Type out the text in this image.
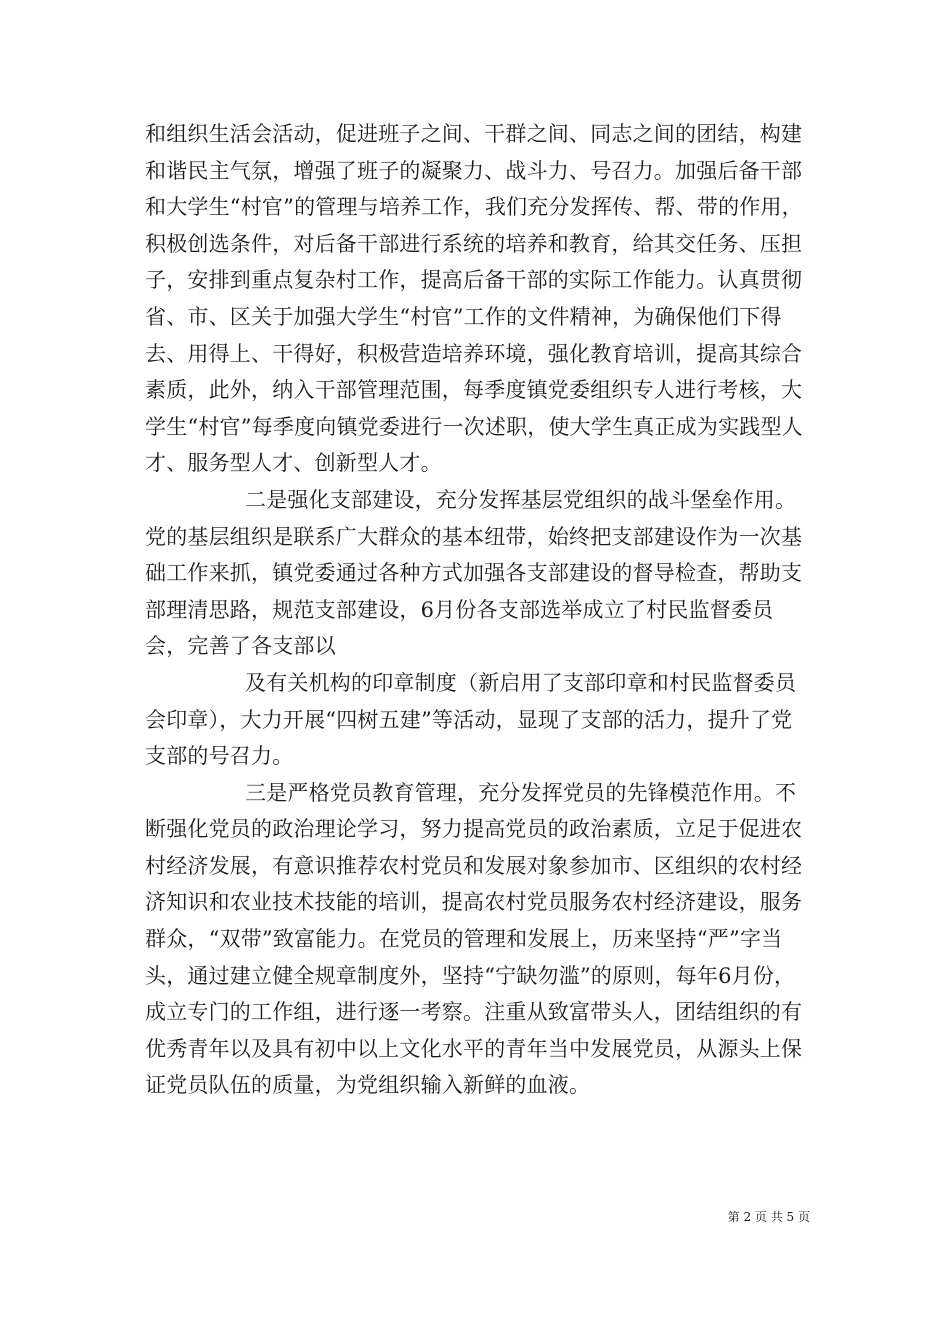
和组织生活会活动，促进班子之间、干群之间、同志之间的团结，构建和谐民主气氛，增强了班子的凝聚力、战斗力、号召力。加强后备干部和大学生“村官”的管理与培养工作，我们充分发挥传、帮、带的作用，积极创选条件，对后备干部进行系统的培养和教育，给其交任务、压担子，安排到重点复杂村工作，提高后备干部的实际工作能力。认真贯彻省、市、区关于加强大学生“村官”工作的文件精神，为确保他们下得去、用得上、干得好，积极营造培养环境，强化教育培训，提高其综合素质，此外，纳入干部管理范围，每季度镇党委组织专人进行考核，大学生“村官”每季度向镇党委进行一次述职，使大学生真正成为实践型人才、服务型人才、创新型人才。

二是强化支部建设，充分发挥基层党组织的战斗堡垒作用。党的基层组织是联系广大群众的基本纽带，始终把支部建设作为一次基础工作来抓，镇党委通过各种方式加强各支部建设的督导检查，帮助支部理清思路，规范支部建设，6月份各支部选举成立了村民监督委员会，完善了各支部以

及有关机构的印章制度（新启用了支部印章和村民监督委员会印章），大力开展“四树五建”等活动，显现了支部的活力，提升了党支部的号召力。

三是严格党员教育管理，充分发挥党员的先锋模范作用。不断强化党员的政治理论学习，努力提高党员的政治素质，立足于促进农村经济发展，有意识推荐农村党员和发展对象参加市、区组织的农村经济知识和农业技术技能的培训，提高农村党员服务农村经济建设，服务群众，“双带”致富能力。在党员的管理和发展上，历来坚持“严”字当头，通过建立健全规章制度外，坚持“宁缺勿滥”的原则，每年6月份，成立专门的工作组，进行逐一考察。注重从致富带头人，团结组织的有优秀青年以及具有初中以上文化水平的青年当中发展党员，从源头上保证党员队伍的质量，为党组织输入新鲜的血液。

第 2 页 共 5 页
